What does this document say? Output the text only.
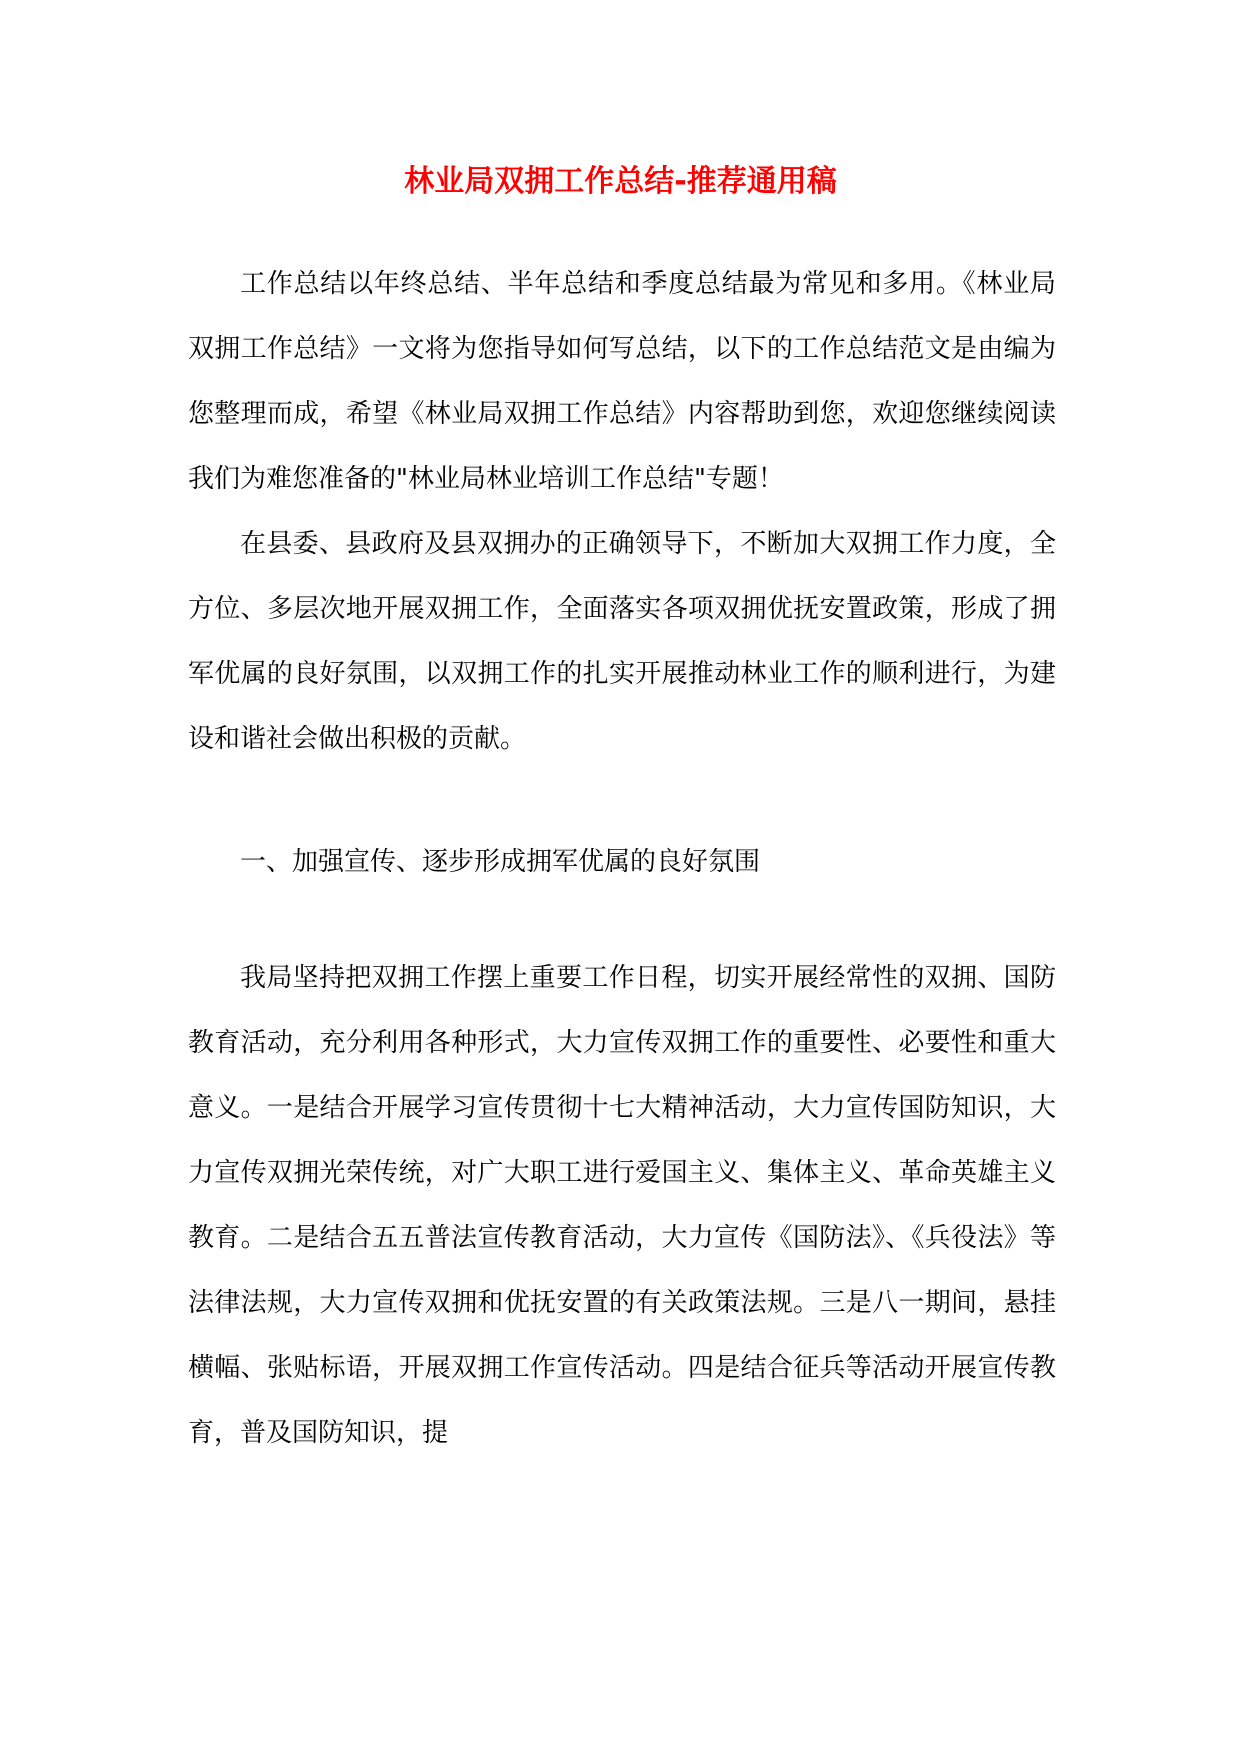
林业局双拥工作总结-推荐通用稿

工作总结以年终总结、半年总结和季度总结最为常见和多用。《林业局双拥工作总结》一文将为您指导如何写总结，以下的工作总结范文是由编为您整理而成，希望《林业局双拥工作总结》内容帮助到您，欢迎您继续阅读我们为难您准备的"林业局林业培训工作总结"专题！

在县委、县政府及县双拥办的正确领导下，不断加大双拥工作力度，全方位、多层次地开展双拥工作，全面落实各项双拥优抚安置政策，形成了拥军优属的良好氛围，以双拥工作的扎实开展推动林业工作的顺利进行，为建设和谐社会做出积极的贡献。

一、加强宣传、逐步形成拥军优属的良好氛围

我局坚持把双拥工作摆上重要工作日程，切实开展经常性的双拥、国防教育活动，充分利用各种形式，大力宣传双拥工作的重要性、必要性和重大意义。一是结合开展学习宣传贯彻十七大精神活动，大力宣传国防知识，大力宣传双拥光荣传统，对广大职工进行爱国主义、集体主义、革命英雄主义教育。二是结合五五普法宣传教育活动，大力宣传《国防法》、《兵役法》等法律法规，大力宣传双拥和优抚安置的有关政策法规。三是八一期间，悬挂横幅、张贴标语，开展双拥工作宣传活动。四是结合征兵等活动开展宣传教育，普及国防知识，提
